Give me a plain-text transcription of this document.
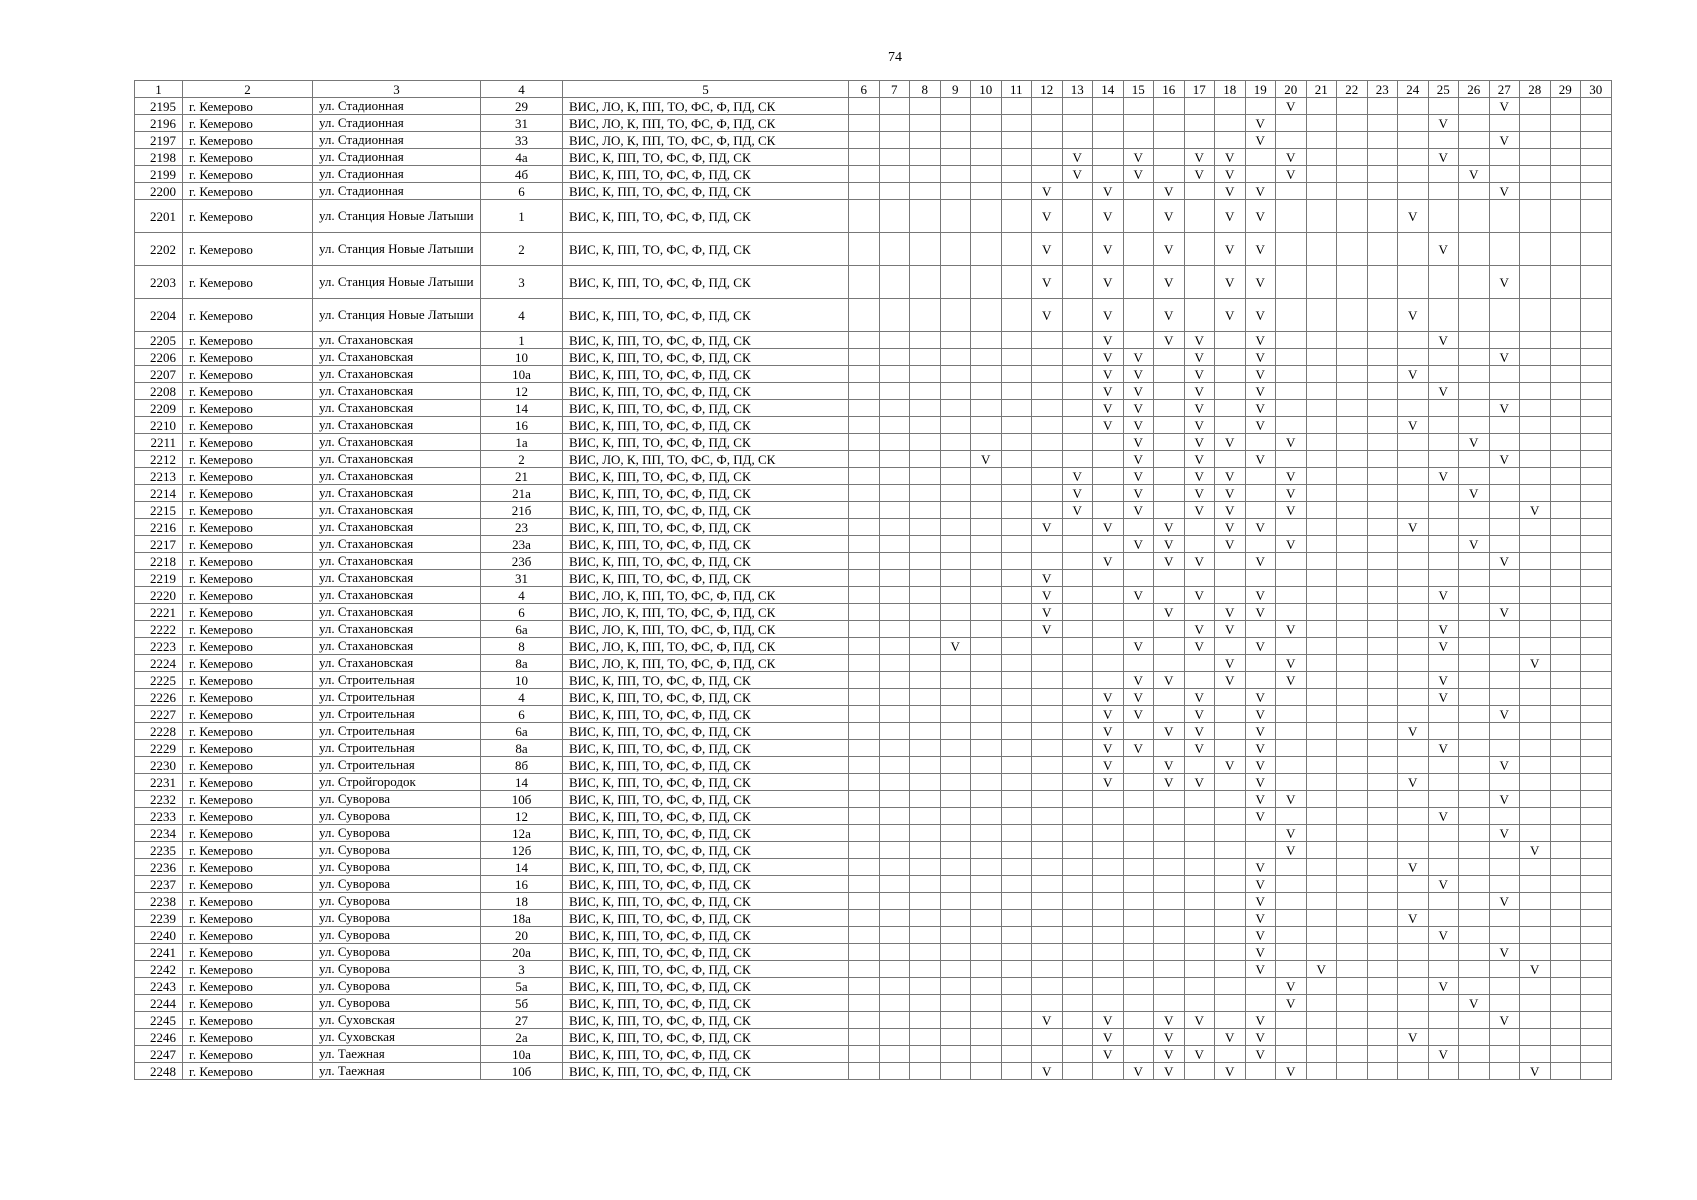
74
1	2	3	4	5	6	7	8	9	10	11	12	13	14	15	16	17	18	19	20	21	22	23	24	25	26	27	28	29	30
2195	г. Кемерово	ул. Стадионная	29	ВИС, ЛО, К, ПП, ТО, ФС, Ф, ПД, СК															V							V			
2196	г. Кемерово	ул. Стадионная	31	ВИС, ЛО, К, ПП, ТО, ФС, Ф, ПД, СК														V						V					
2197	г. Кемерово	ул. Стадионная	33	ВИС, ЛО, К, ПП, ТО, ФС, Ф, ПД, СК														V								V			
2198	г. Кемерово	ул. Стадионная	4а	ВИС, К, ПП, ТО, ФС, Ф, ПД, СК								V		V		V	V		V					V					
2199	г. Кемерово	ул. Стадионная	4б	ВИС, К, ПП, ТО, ФС, Ф, ПД, СК								V		V		V	V		V						V				
2200	г. Кемерово	ул. Стадионная	6	ВИС, К, ПП, ТО, ФС, Ф, ПД, СК							V		V		V		V	V								V			
2201	г. Кемерово	ул. Станция Новые Латыши	1	ВИС, К, ПП, ТО, ФС, Ф, ПД, СК							V		V		V		V	V					V						
2202	г. Кемерово	ул. Станция Новые Латыши	2	ВИС, К, ПП, ТО, ФС, Ф, ПД, СК							V		V		V		V	V						V					
2203	г. Кемерово	ул. Станция Новые Латыши	3	ВИС, К, ПП, ТО, ФС, Ф, ПД, СК							V		V		V		V	V								V			
2204	г. Кемерово	ул. Станция Новые Латыши	4	ВИС, К, ПП, ТО, ФС, Ф, ПД, СК							V		V		V		V	V					V						
2205	г. Кемерово	ул. Стахановская	1	ВИС, К, ПП, ТО, ФС, Ф, ПД, СК									V		V	V		V						V					
2206	г. Кемерово	ул. Стахановская	10	ВИС, К, ПП, ТО, ФС, Ф, ПД, СК									V	V		V		V								V			
2207	г. Кемерово	ул. Стахановская	10а	ВИС, К, ПП, ТО, ФС, Ф, ПД, СК									V	V		V		V					V						
2208	г. Кемерово	ул. Стахановская	12	ВИС, К, ПП, ТО, ФС, Ф, ПД, СК									V	V		V		V						V					
2209	г. Кемерово	ул. Стахановская	14	ВИС, К, ПП, ТО, ФС, Ф, ПД, СК									V	V		V		V								V			
2210	г. Кемерово	ул. Стахановская	16	ВИС, К, ПП, ТО, ФС, Ф, ПД, СК									V	V		V		V					V						
2211	г. Кемерово	ул. Стахановская	1а	ВИС, К, ПП, ТО, ФС, Ф, ПД, СК										V		V	V		V						V				
2212	г. Кемерово	ул. Стахановская	2	ВИС, ЛО, К, ПП, ТО, ФС, Ф, ПД, СК					V					V		V		V								V			
2213	г. Кемерово	ул. Стахановская	21	ВИС, К, ПП, ТО, ФС, Ф, ПД, СК								V		V		V	V		V					V					
2214	г. Кемерово	ул. Стахановская	21а	ВИС, К, ПП, ТО, ФС, Ф, ПД, СК								V		V		V	V		V						V				
2215	г. Кемерово	ул. Стахановская	21б	ВИС, К, ПП, ТО, ФС, Ф, ПД, СК								V		V		V	V		V								V		
2216	г. Кемерово	ул. Стахановская	23	ВИС, К, ПП, ТО, ФС, Ф, ПД, СК							V		V		V		V	V					V						
2217	г. Кемерово	ул. Стахановская	23а	ВИС, К, ПП, ТО, ФС, Ф, ПД, СК										V	V		V		V						V				
2218	г. Кемерово	ул. Стахановская	23б	ВИС, К, ПП, ТО, ФС, Ф, ПД, СК									V		V	V		V								V			
2219	г. Кемерово	ул. Стахановская	31	ВИС, К, ПП, ТО, ФС, Ф, ПД, СК							V																		
2220	г. Кемерово	ул. Стахановская	4	ВИС, ЛО, К, ПП, ТО, ФС, Ф, ПД, СК							V			V		V		V						V					
2221	г. Кемерово	ул. Стахановская	6	ВИС, ЛО, К, ПП, ТО, ФС, Ф, ПД, СК							V				V		V	V								V			
2222	г. Кемерово	ул. Стахановская	6а	ВИС, ЛО, К, ПП, ТО, ФС, Ф, ПД, СК							V					V	V		V					V					
2223	г. Кемерово	ул. Стахановская	8	ВИС, ЛО, К, ПП, ТО, ФС, Ф, ПД, СК				V						V		V		V						V					
2224	г. Кемерово	ул. Стахановская	8а	ВИС, ЛО, К, ПП, ТО, ФС, Ф, ПД, СК													V		V								V		
2225	г. Кемерово	ул. Строительная	10	ВИС, К, ПП, ТО, ФС, Ф, ПД, СК										V	V		V		V					V					
2226	г. Кемерово	ул. Строительная	4	ВИС, К, ПП, ТО, ФС, Ф, ПД, СК									V	V		V		V						V					
2227	г. Кемерово	ул. Строительная	6	ВИС, К, ПП, ТО, ФС, Ф, ПД, СК									V	V		V		V								V			
2228	г. Кемерово	ул. Строительная	6а	ВИС, К, ПП, ТО, ФС, Ф, ПД, СК									V		V	V		V					V						
2229	г. Кемерово	ул. Строительная	8а	ВИС, К, ПП, ТО, ФС, Ф, ПД, СК									V	V		V		V						V					
2230	г. Кемерово	ул. Строительная	8б	ВИС, К, ПП, ТО, ФС, Ф, ПД, СК									V		V		V	V								V			
2231	г. Кемерово	ул. Стройгородок	14	ВИС, К, ПП, ТО, ФС, Ф, ПД, СК									V		V	V		V					V						
2232	г. Кемерово	ул. Суворова	10б	ВИС, К, ПП, ТО, ФС, Ф, ПД, СК														V	V							V			
2233	г. Кемерово	ул. Суворова	12	ВИС, К, ПП, ТО, ФС, Ф, ПД, СК														V						V					
2234	г. Кемерово	ул. Суворова	12а	ВИС, К, ПП, ТО, ФС, Ф, ПД, СК															V							V			
2235	г. Кемерово	ул. Суворова	12б	ВИС, К, ПП, ТО, ФС, Ф, ПД, СК															V								V		
2236	г. Кемерово	ул. Суворова	14	ВИС, К, ПП, ТО, ФС, Ф, ПД, СК														V					V						
2237	г. Кемерово	ул. Суворова	16	ВИС, К, ПП, ТО, ФС, Ф, ПД, СК														V						V					
2238	г. Кемерово	ул. Суворова	18	ВИС, К, ПП, ТО, ФС, Ф, ПД, СК														V								V			
2239	г. Кемерово	ул. Суворова	18а	ВИС, К, ПП, ТО, ФС, Ф, ПД, СК														V					V						
2240	г. Кемерово	ул. Суворова	20	ВИС, К, ПП, ТО, ФС, Ф, ПД, СК														V						V					
2241	г. Кемерово	ул. Суворова	20а	ВИС, К, ПП, ТО, ФС, Ф, ПД, СК														V								V			
2242	г. Кемерово	ул. Суворова	3	ВИС, К, ПП, ТО, ФС, Ф, ПД, СК														V		V							V		
2243	г. Кемерово	ул. Суворова	5а	ВИС, К, ПП, ТО, ФС, Ф, ПД, СК															V					V					
2244	г. Кемерово	ул. Суворова	5б	ВИС, К, ПП, ТО, ФС, Ф, ПД, СК															V						V				
2245	г. Кемерово	ул. Суховская	27	ВИС, К, ПП, ТО, ФС, Ф, ПД, СК							V		V		V	V		V								V			
2246	г. Кемерово	ул. Суховская	2а	ВИС, К, ПП, ТО, ФС, Ф, ПД, СК									V		V		V	V					V						
2247	г. Кемерово	ул. Таежная	10а	ВИС, К, ПП, ТО, ФС, Ф, ПД, СК									V		V	V		V						V					
2248	г. Кемерово	ул. Таежная	10б	ВИС, К, ПП, ТО, ФС, Ф, ПД, СК							V			V	V		V		V								V		
